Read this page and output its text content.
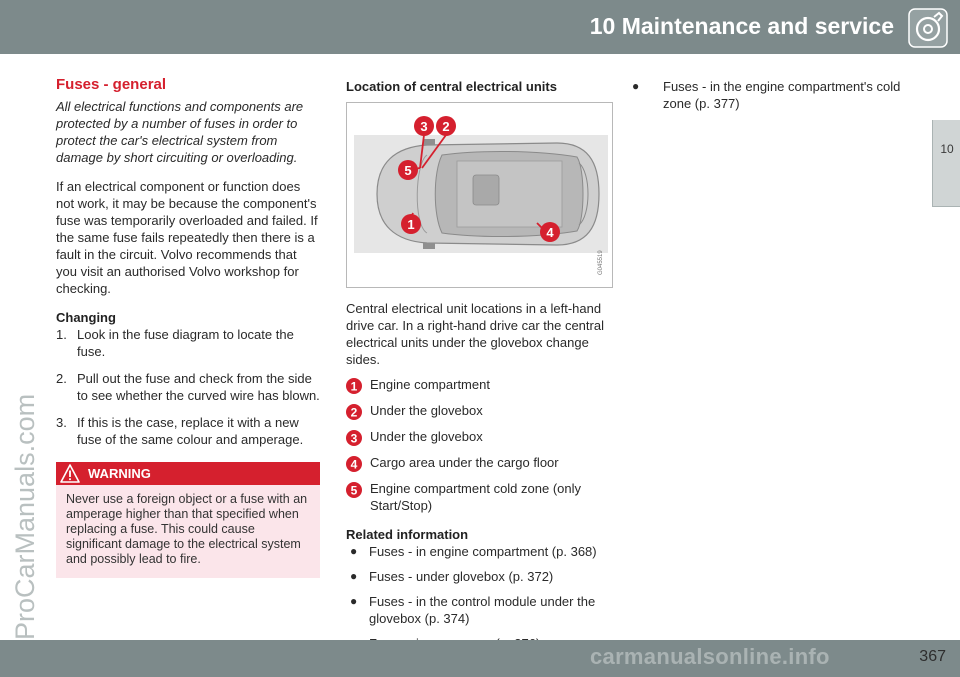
10 Maintenance and service
10
ProCarManuals.com
Fuses - general

All electrical functions and components are protected by a number of fuses in order to protect the car's electrical system from damage by short circuiting or overloading.

If an electrical component or function does not work, it may be because the component's fuse was temporarily overloaded and failed. If the same fuse fails repeatedly then there is a fault in the circuit. Volvo recommends that you visit an authorised Volvo workshop for checking.

Changing
1. Look in the fuse diagram to locate the fuse.
2. Pull out the fuse and check from the side to see whether the curved wire has blown.
3. If this is the case, replace it with a new fuse of the same colour and amperage.
WARNING
Never use a foreign object or a fuse with an amperage higher than that specified when replacing a fuse. This could cause significant damage to the electrical system and possibly lead to fire.
Location of central electrical units
3 2
5
1
4
G045519

Central electrical unit locations in a left-hand drive car. In a right-hand drive car the central electrical units under the glovebox change sides.

1 Engine compartment
2 Under the glovebox
3 Under the glovebox
4 Cargo area under the cargo floor
5 Engine compartment cold zone (only Start/Stop)
Related information
● Fuses - in engine compartment (p. 368)
● Fuses - under glovebox (p. 372)
● Fuses - in the control module under the glovebox (p. 374)
● Fuses - in the engine compartment's cold zone (p. 377)
carmanualsonline.info	367
